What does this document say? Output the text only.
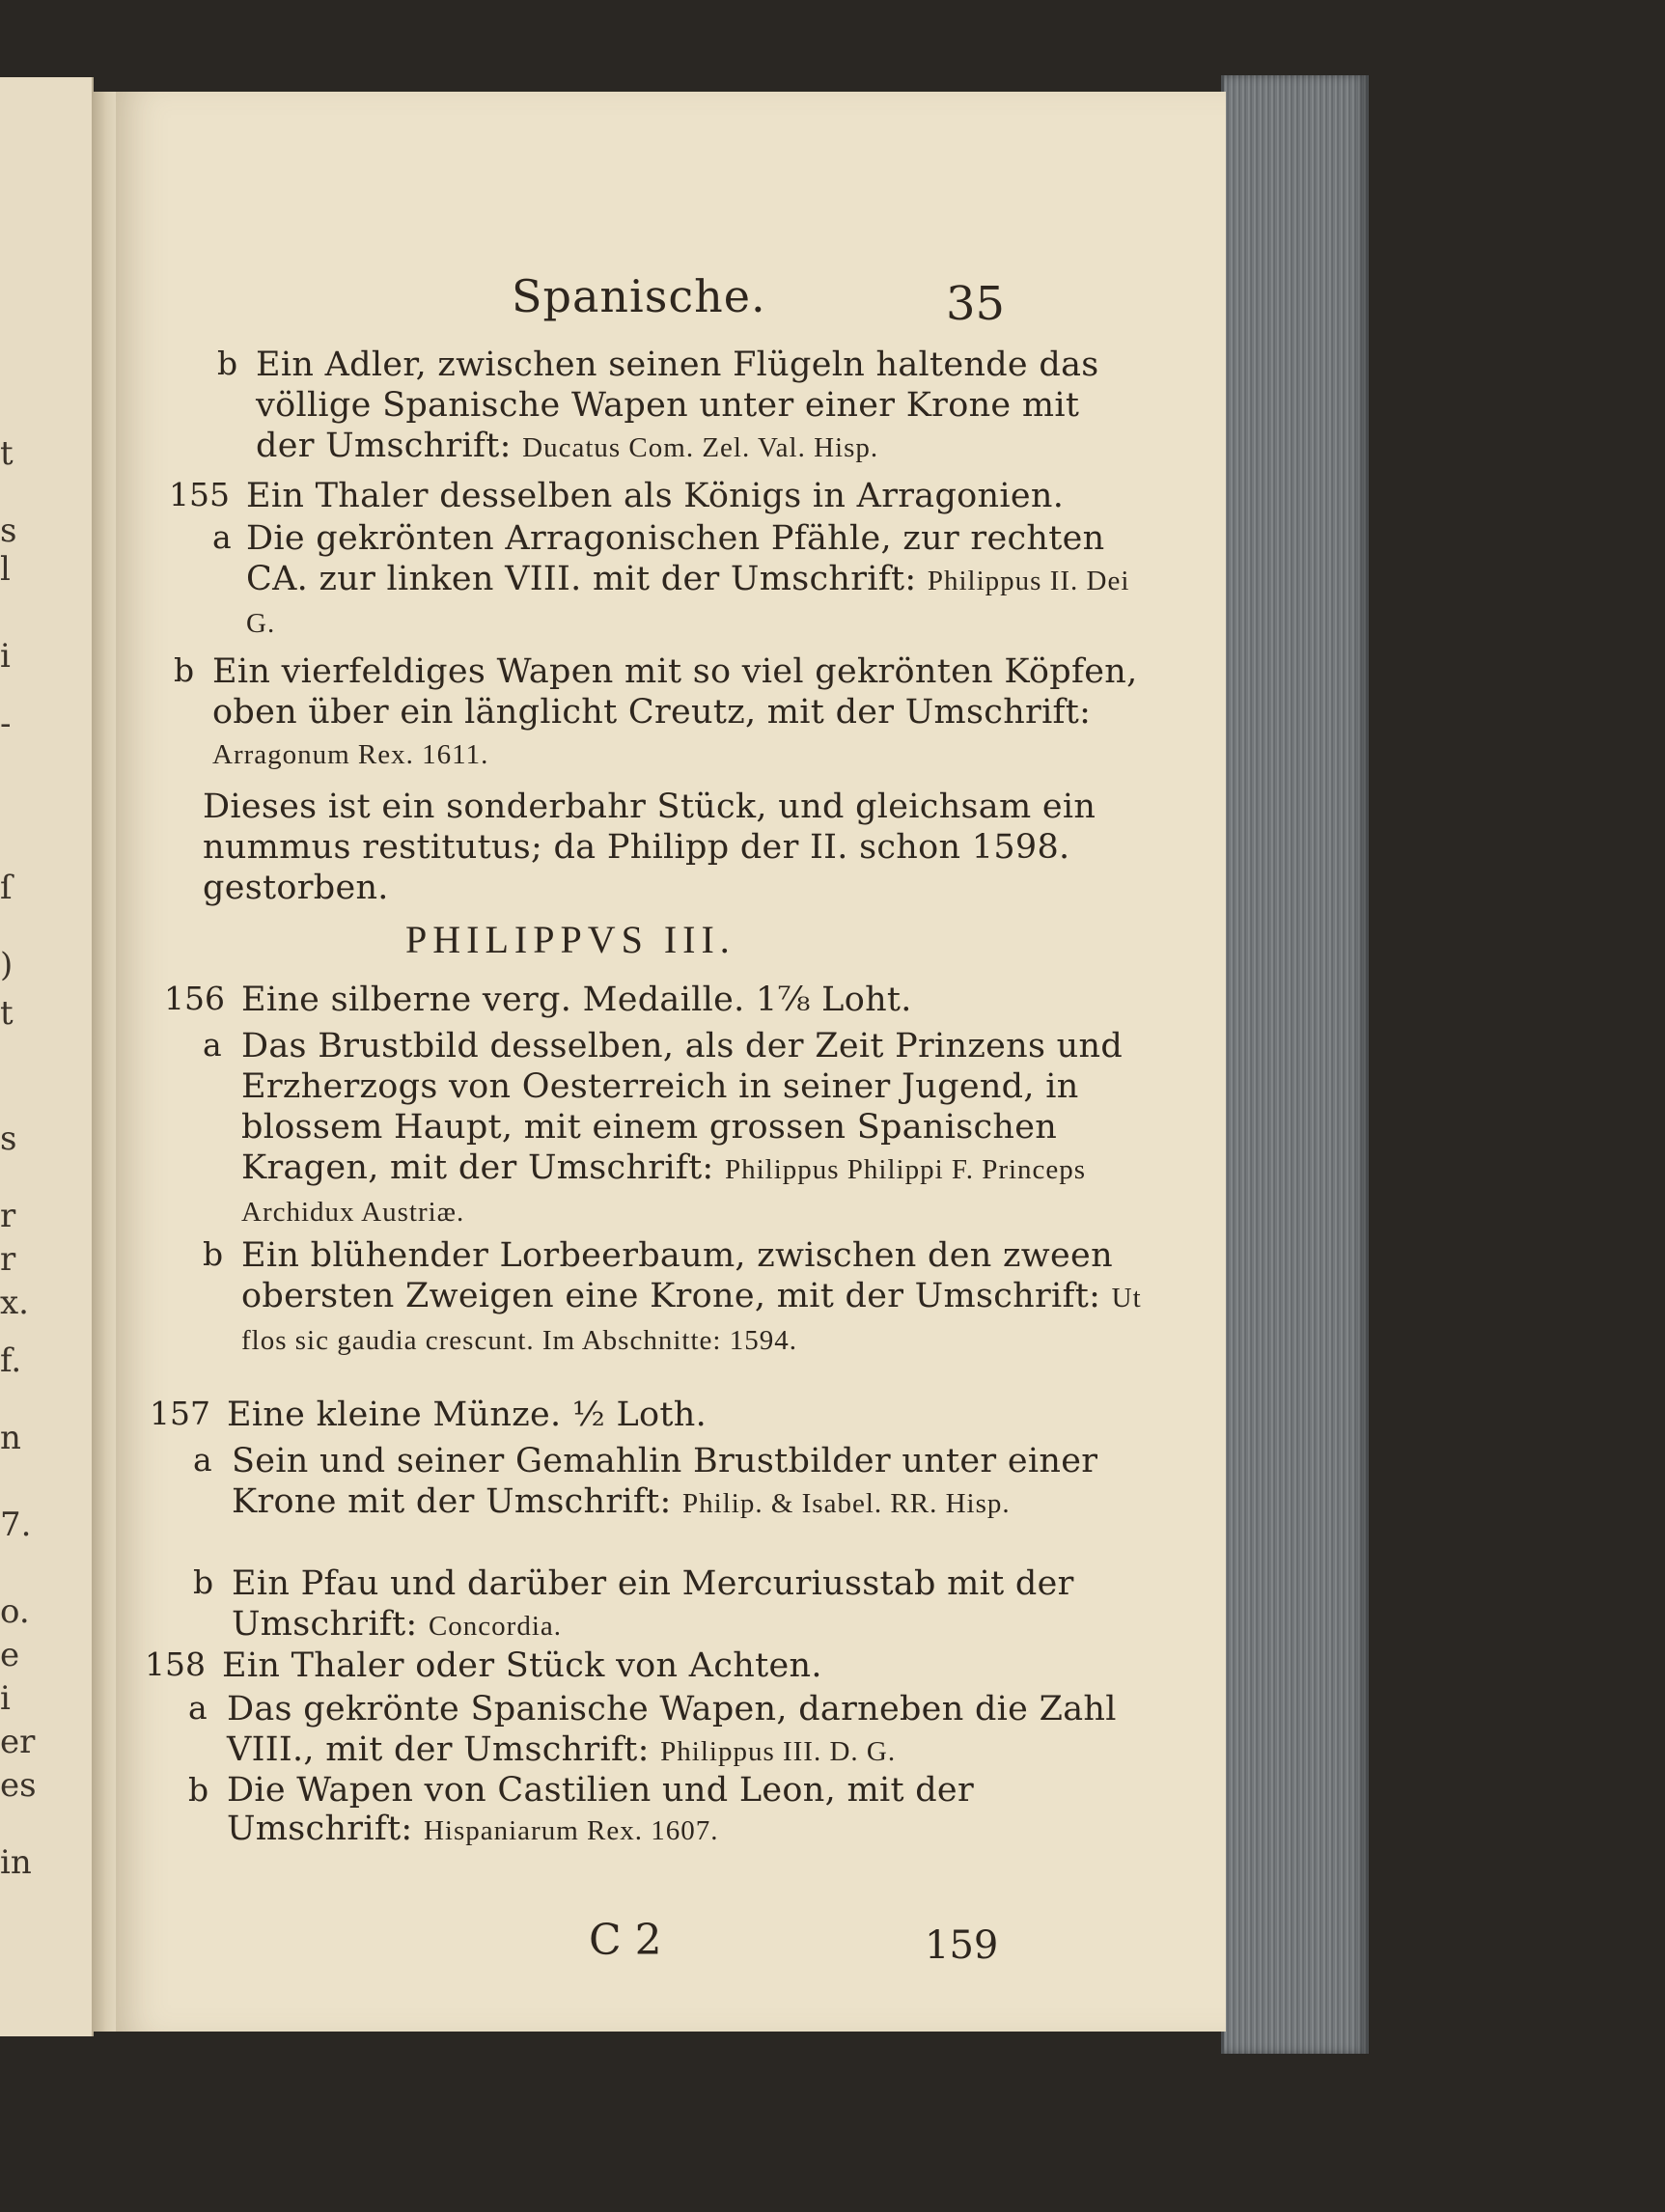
t
s
l
i
-
ſ
)
t
s
r
r
x.
f.
n
7.
o.
e
i
er
es
in
Spanische.	35
b Ein Adler, zwischen seinen Flügeln haltende das völlige Spanische Wapen unter einer Krone mit der Umschrift: Ducatus Com. Zel. Val. Hisp.
155 Ein Thaler desselben als Königs in Arragonien.
a Die gekrönten Arragonischen Pfähle, zur rechten CA. zur linken VIII. mit der Umschrift: Philippus II. Dei G.
b Ein vierfeldiges Wapen mit so viel gekrönten Köpfen, oben über ein länglicht Creutz, mit der Umschrift: Arragonum Rex. 1611.
Dieses ist ein sonderbahr Stück, und gleichsam ein nummus restitutus; da Philipp der II. schon 1598. gestorben.
PHILIPPVS III.
156 Eine silberne verg. Medaille. 1⅞ Loht.
a Das Brustbild desselben, als der Zeit Prinzens und Erzherzogs von Oesterreich in seiner Jugend, in blossem Haupt, mit einem grossen Spanischen Kragen, mit der Umschrift: Philippus Philippi F. Princeps Archidux Austriæ.
b Ein blühender Lorbeerbaum, zwischen den zween obersten Zweigen eine Krone, mit der Umschrift: Ut flos sic gaudia crescunt. Im Abschnitte: 1594.
157 Eine kleine Münze. ½ Loth.
a Sein und seiner Gemahlin Brustbilder unter einer Krone mit der Umschrift: Philip. & Isabel. RR. Hisp.
b Ein Pfau und darüber ein Mercuriusstab mit der Umschrift: Concordia.
158 Ein Thaler oder Stück von Achten.
a Das gekrönte Spanische Wapen, darneben die Zahl VIII., mit der Umschrift: Philippus III. D. G.
b Die Wapen von Castilien und Leon, mit der Umschrift: Hispaniarum Rex. 1607.
C 2	159
